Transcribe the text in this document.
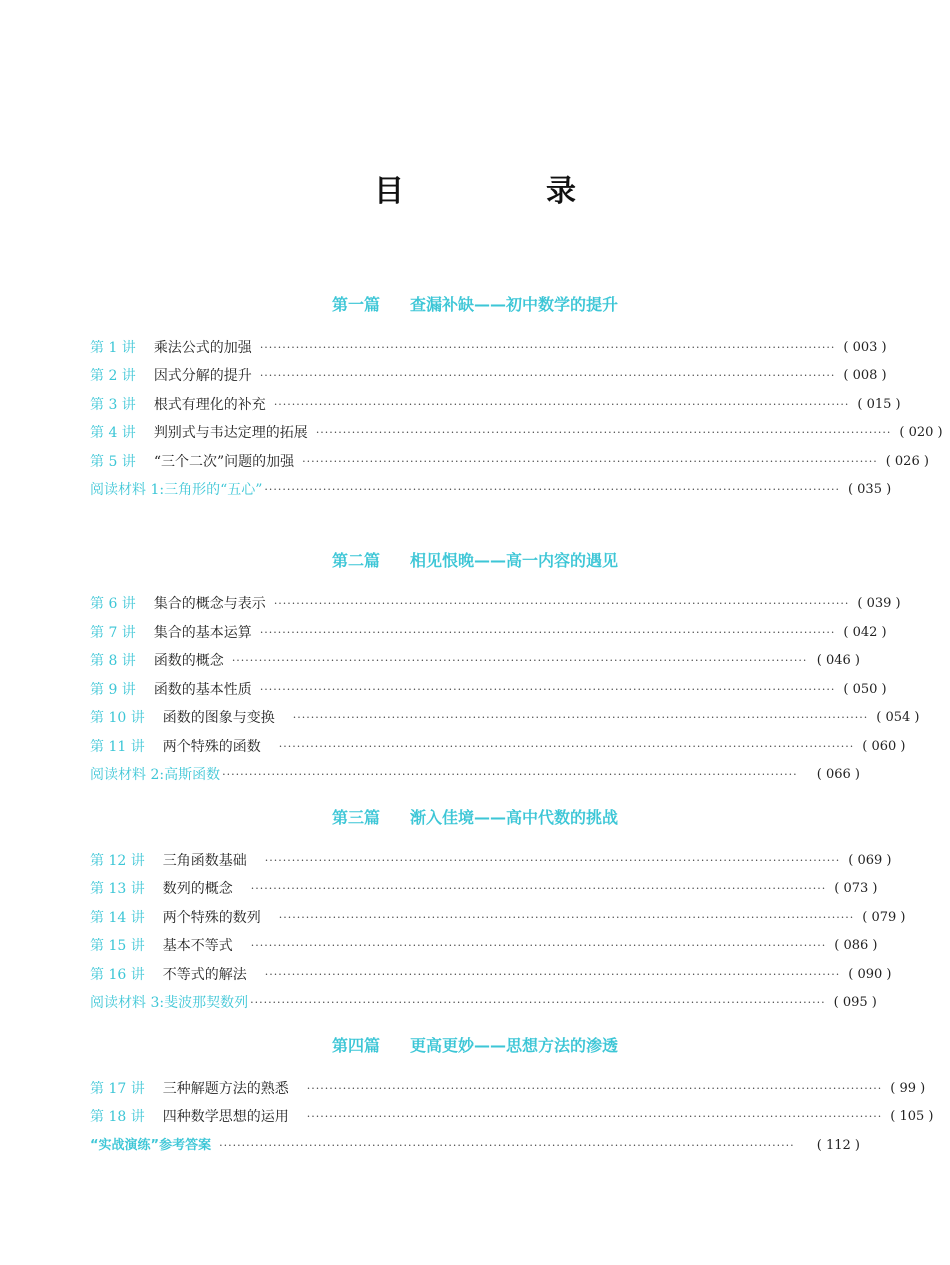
目　录
第一篇 查漏补缺——初中数学的提升
第 1 讲 乘法公式的加强 ································································································································ ( 003 )
第 2 讲 因式分解的提升 ································································································································ ( 008 )
第 3 讲 根式有理化的补充 ································································································································ ( 015 )
第 4 讲 判别式与韦达定理的拓展 ································································································································ ( 020 )
第 5 讲 “三个二次”问题的加强 ································································································································ ( 026 )
阅读材料 1:三角形的“五心” ································································································································ ( 035 )
第二篇 相见恨晚——高一内容的遇见
第 6 讲 集合的概念与表示 ································································································································ ( 039 )
第 7 讲 集合的基本运算 ································································································································ ( 042 )
第 8 讲 函数的概念 ································································································································ ( 046 )
第 9 讲 函数的基本性质 ································································································································ ( 050 )
第 10 讲 函数的图象与变换 ································································································································ ( 054 )
第 11 讲 两个特殊的函数 ································································································································ ( 060 )
阅读材料 2:高斯函数 ································································································································	( 066 )
第三篇 渐入佳境——高中代数的挑战
第 12 讲 三角函数基础 ································································································································ ( 069 )
第 13 讲 数列的概念 ································································································································ ( 073 )
第 14 讲 两个特殊的数列 ································································································································ ( 079 )
第 15 讲 基本不等式 ································································································································ ( 086 )
第 16 讲 不等式的解法 ································································································································ ( 090 )
阅读材料 3:斐波那契数列 ································································································································ ( 095 )
第四篇 更高更妙——思想方法的渗透
第 17 讲 三种解题方法的熟悉 ································································································································ ( 99 )
第 18 讲 四种数学思想的运用 ································································································································ ( 105 )
“实战演练”参考答案 ································································································································	( 112 )
